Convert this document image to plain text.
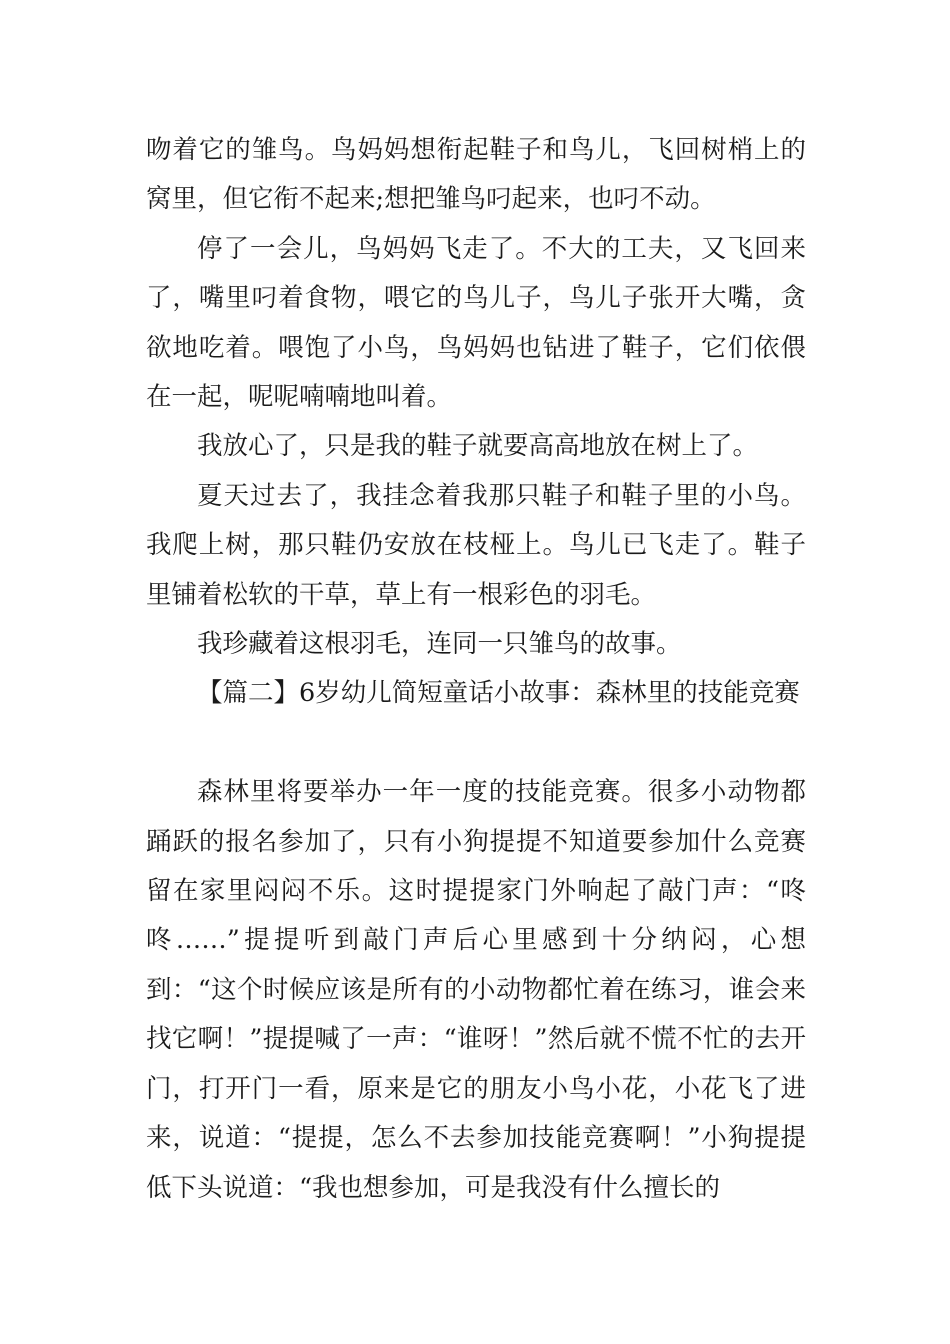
吻着它的雏鸟。鸟妈妈想衔起鞋子和鸟儿，飞回树梢上的窝里，但它衔不起来;想把雏鸟叼起来，也叼不动。

停了一会儿，鸟妈妈飞走了。不大的工夫，又飞回来了，嘴里叼着食物，喂它的鸟儿子，鸟儿子张开大嘴，贪欲地吃着。喂饱了小鸟，鸟妈妈也钻进了鞋子，它们依偎在一起，呢呢喃喃地叫着。

我放心了，只是我的鞋子就要高高地放在树上了。

夏天过去了，我挂念着我那只鞋子和鞋子里的小鸟。我爬上树，那只鞋仍安放在枝桠上。鸟儿已飞走了。鞋子里铺着松软的干草，草上有一根彩色的羽毛。

我珍藏着这根羽毛，连同一只雏鸟的故事。

【篇二】6岁幼儿简短童话小故事：森林里的技能竞赛

森林里将要举办一年一度的技能竞赛。很多小动物都踊跃的报名参加了，只有小狗提提不知道要参加什么竞赛留在家里闷闷不乐。这时提提家门外响起了敲门声：“咚咚……”提提听到敲门声后心里感到十分纳闷，心想到：“这个时候应该是所有的小动物都忙着在练习，谁会来找它啊！”提提喊了一声：“谁呀！”然后就不慌不忙的去开门，打开门一看，原来是它的朋友小鸟小花，小花飞了进来，说道：“提提，怎么不去参加技能竞赛啊！”小狗提提低下头说道：“我也想参加，可是我没有什么擅长的
